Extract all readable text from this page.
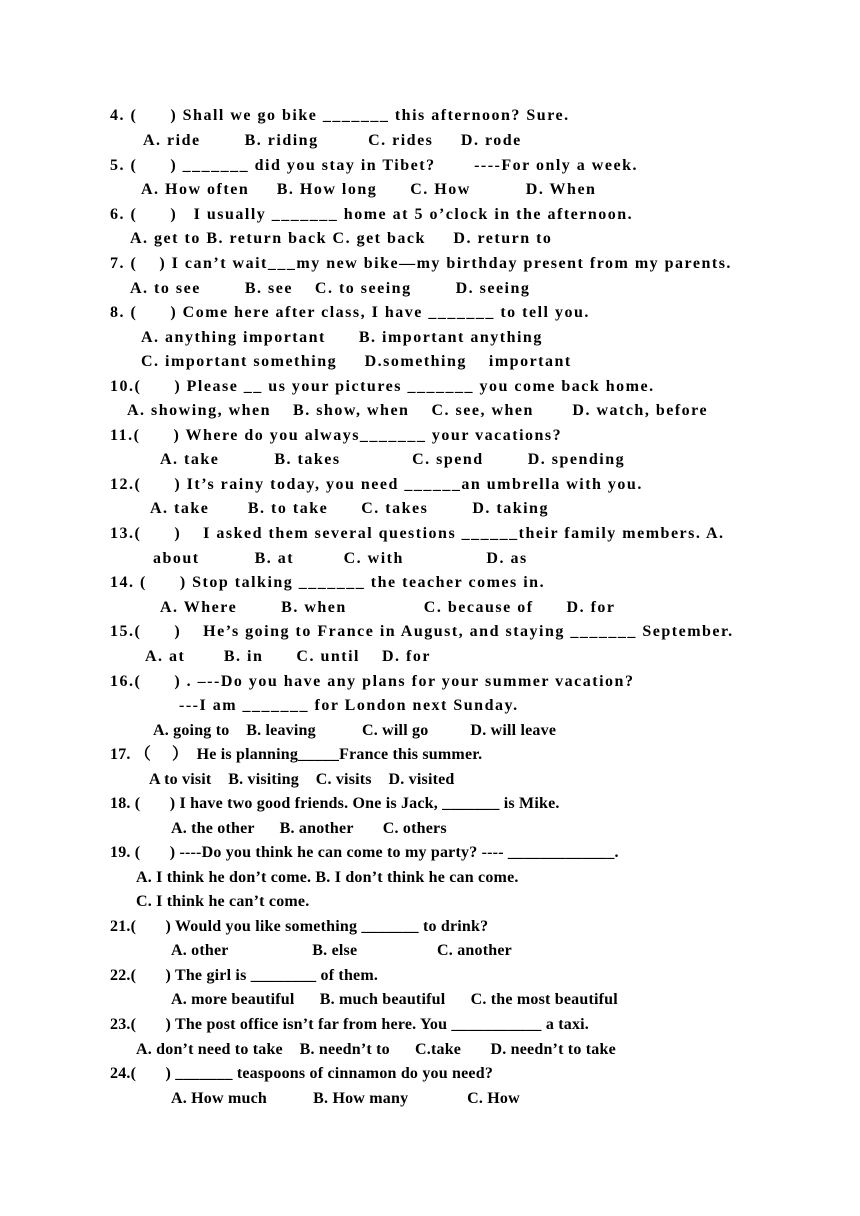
4. (      ) Shall we go bike _______ this afternoon? Sure.
A. ride        B. riding         C. rides     D. rode
5. (      ) _______ did you stay in Tibet?       ----For only a week.
A. How often     B. How long      C. How          D. When
6. (      )   I usually _______ home at 5 o’clock in the afternoon.
A. get to B. return back C. get back     D. return to
7. (    ) I can’t wait___my new bike—my birthday present from my parents.
A. to see        B. see    C. to seeing        D. seeing
8. (      ) Come here after class, I have _______ to tell you.
A. anything important      B. important anything
C. important something     D.something    important
10.(      ) Please __ us your pictures _______ you come back home.
A. showing, when    B. show, when    C. see, when       D. watch, before
11.(      ) Where do you always_______ your vacations?
A. take          B. takes             C. spend        D. spending
12.(      ) It’s rainy today, you need ______an umbrella with you.
A. take       B. to take      C. takes        D. taking
13.(      )    I asked them several questions ______their family members. A.
about          B. at         C. with               D. as
14. (      ) Stop talking _______ the teacher comes in.
A. Where        B. when              C. because of      D. for
15.(      )    He’s going to France in August, and staying _______ September.
A. at       B. in      C. until    D. for
16.(      ) . –--Do you have any plans for your summer vacation?
---I am _______ for London next Sunday.
A. going to    B. leaving           C. will go          D. will leave
17. （     ）  He is planning_____France this summer.
A to visit    B. visiting    C. visits    D. visited
18. (       ) I have two good friends. One is Jack, _______ is Mike.
A. the other      B. another       C. others
19. (       ) ----Do you think he can come to my party? ---- _____________.
A. I think he don’t come. B. I don’t think he can come.
C. I think he can’t come.
21.(       ) Would you like something _______ to drink?
A. other                    B. else                   C. another
22.(       ) The girl is ________ of them.
A. more beautiful      B. much beautiful      C. the most beautiful
23.(       ) The post office isn’t far from here. You ___________ a taxi.
A. don’t need to take    B. needn’t to      C.take       D. needn’t to take
24.(       ) _______ teaspoons of cinnamon do you need?
A. How much           B. How many              C. How
